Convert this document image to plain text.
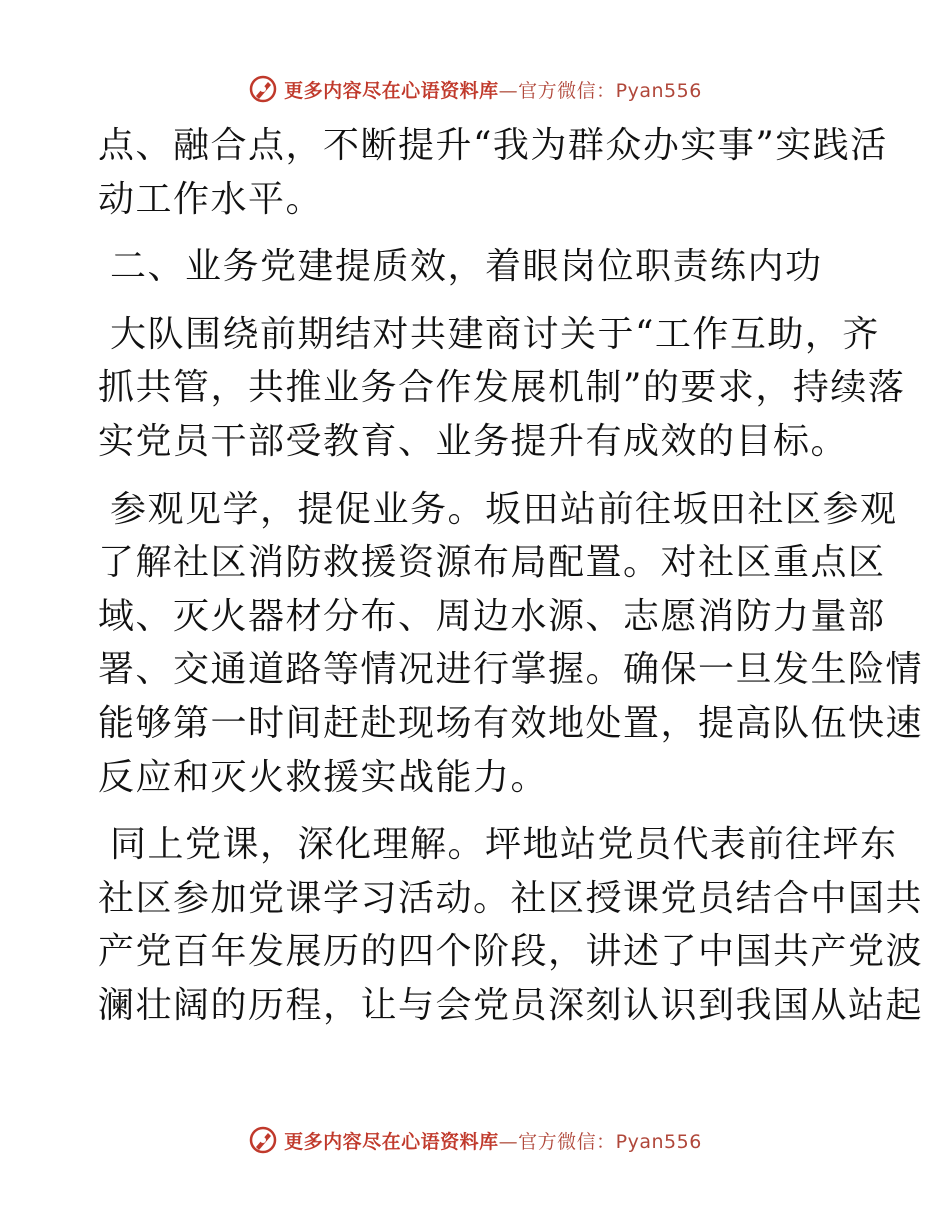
更多内容尽在心语资料库—官方微信：Pyan556
点、融合点，不断提升“我为群众办实事”实践活
动工作水平。
二、业务党建提质效，着眼岗位职责练内功
大队围绕前期结对共建商讨关于“工作互助，齐
抓共管，共推业务合作发展机制”的要求，持续落
实党员干部受教育、业务提升有成效的目标。
参观见学，提促业务。坂田站前往坂田社区参观
了解社区消防救援资源布局配置。对社区重点区
域、灭火器材分布、周边水源、志愿消防力量部
署、交通道路等情况进行掌握。确保一旦发生险情
能够第一时间赶赴现场有效地处置，提高队伍快速
反应和灭火救援实战能力。
同上党课，深化理解。坪地站党员代表前往坪东
社区参加党课学习活动。社区授课党员结合中国共
产党百年发展历的四个阶段，讲述了中国共产党波
澜壮阔的历程，让与会党员深刻认识到我国从站起
更多内容尽在心语资料库—官方微信：Pyan556
